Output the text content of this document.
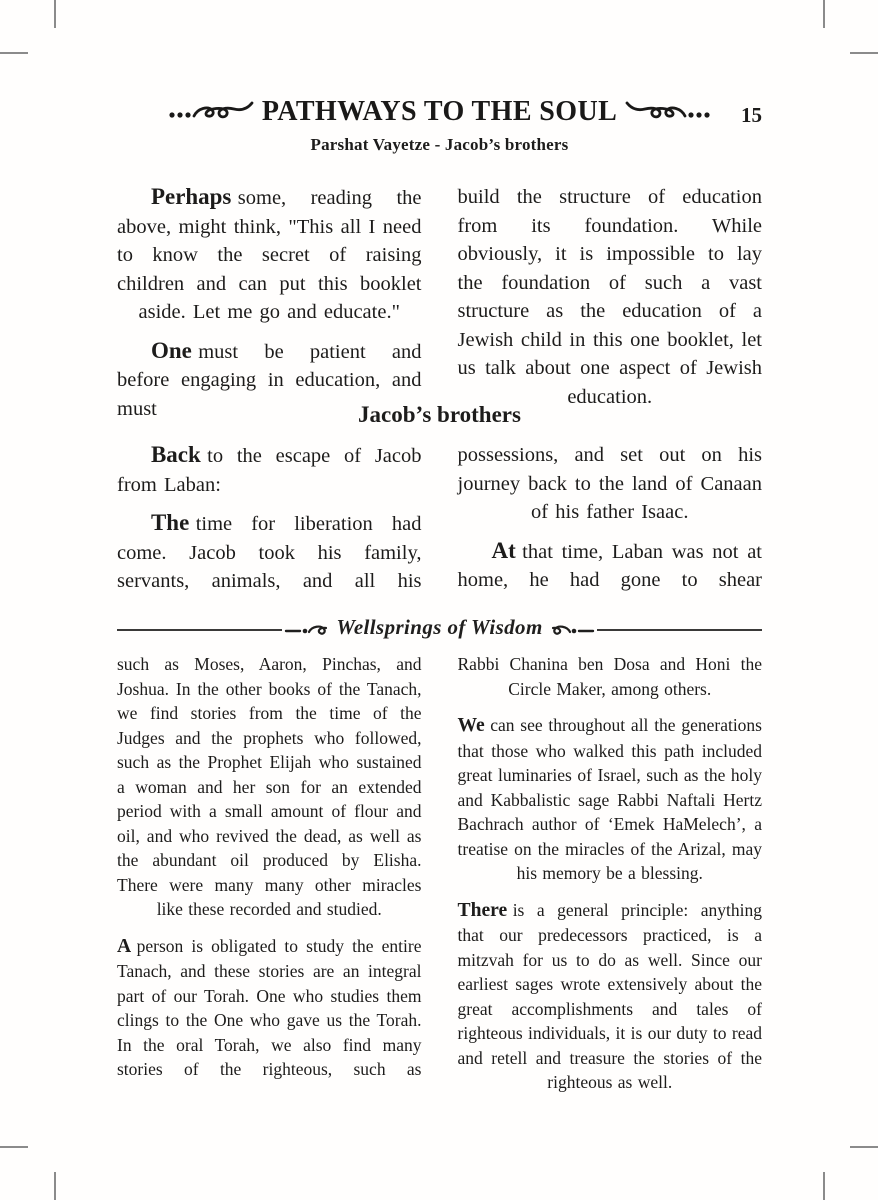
PATHWAYS TO THE SOUL	15
Parshat Vayetze - Jacob’s brothers

Perhaps some, reading the above, might think, "This all I need to know the secret of raising children and can put this booklet aside. Let me go and educate."

One must be patient and before engaging in education, and must

build the structure of education from its foundation. While obviously, it is impossible to lay the foundation of such a vast structure as the education of a Jewish child in this one booklet, let us talk about one aspect of Jewish education.

Jacob’s brothers

Back to the escape of Jacob from Laban:

The time for liberation had come. Jacob took his family, servants, animals, and all his

possessions, and set out on his journey back to the land of Canaan of his father Isaac.

At that time, Laban was not at home, he had gone to shear

Wellsprings of Wisdom

such as Moses, Aaron, Pinchas, and Joshua. In the other books of the Tanach, we find stories from the time of the Judges and the prophets who followed, such as the Prophet Elijah who sustained a woman and her son for an extended period with a small amount of flour and oil, and who revived the dead, as well as the abundant oil produced by Elisha. There were many many other miracles like these recorded and studied.

A person is obligated to study the entire Tanach, and these stories are an integral part of our Torah. One who studies them clings to the One who gave us the Torah. In the oral Torah, we also find many stories of the righteous, such as

Rabbi Chanina ben Dosa and Honi the Circle Maker, among others.

We can see throughout all the generations that those who walked this path included great luminaries of Israel, such as the holy and Kabbalistic sage Rabbi Naftali Hertz Bachrach author of ‘Emek HaMelech’, a treatise on the miracles of the Arizal, may his memory be a blessing.

There is a general principle: anything that our predecessors practiced, is a mitzvah for us to do as well. Since our earliest sages wrote extensively about the great accomplishments and tales of righteous individuals, it is our duty to read and retell and treasure the stories of the righteous as well.
